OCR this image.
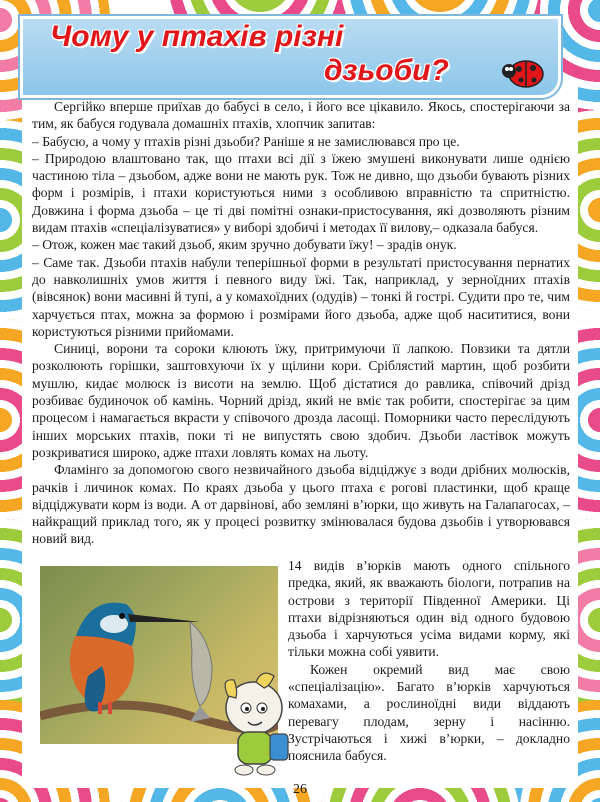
Чому у птахів різні
дзьоби?

Сергійко вперше приїхав до бабусі в село, і його все цікавило. Якось, спостерігаючи за тим, як бабуся годувала домашніх птахів, хлопчик запитав:

– Бабусю, а чому у птахів різні дзьоби? Раніше я не замислювався про це.

– Природою влаштовано так, що птахи всі дії з їжею змушені виконувати лише однією частиною тіла – дзьобом, адже вони не мають рук. Тож не дивно, що дзьоби бувають різних форм і розмірів, і птахи користуються ними з особливою вправністю та спритністю. Довжина і форма дзьоба – це ті дві помітні ознаки-пристосування, які дозволяють різним видам птахів «спеціалізуватися» у виборі здобичі і методах її вилову,– одказала бабуся.

– Отож, кожен має такий дзьоб, яким зручно добувати їжу! – зрадів онук.

– Саме так. Дзьоби птахів набули теперішньої форми в результаті пристосування пернатих до навколишніх умов життя і певного виду їжі. Так, наприклад, у зерноїдних птахів (вівсянок) вони масивні й тупі, а у комахоїдних (одудів) – тонкі й гострі. Судити про те, чим харчується птах, можна за формою і розмірами його дзьоба, адже щоб насититися, вони користуються різними прийомами.

Синиці, ворони та сороки клюють їжу, притримуючи її лапкою. Повзики та дятли розколюють горішки, заштовхуючи їх у щілини кори. Сріблястий мартин, щоб розбити мушлю, кидає молюск із висоти на землю. Щоб дістатися до равлика, співочий дрізд розбиває будиночок об камінь. Чорний дрізд, який не вміє так робити, спостерігає за цим процесом і намагається вкрасти у співочого дрозда ласощі. Поморники часто переслідують інших морських птахів, поки ті не випустять свою здобич. Дзьоби ластівок можуть розкриватися широко, адже птахи ловлять комах на льоту.

Фламінго за допомогою свого незвичайного дзьоба відціджує з води дрібних молюсків, рачків і личинок комах. По краях дзьоба у цього птаха є рогові пластинки, щоб краще відціджувати корм із води. А от дарвінові, або земляні в’юрки, що живуть на Галапагосах, – найкращий приклад того, як у процесі розвитку змінювалася будова дзьобів і утворювався новий вид.

14 видів в’юрків мають одного спільного предка, який, як вважають біологи, потрапив на острови з території Південної Америки. Ці птахи відрізняються один від одного будовою дзьоба і харчуються усіма видами корму, які тільки можна собі уявити.

Кожен окремий вид має свою «спеціалізацію». Багато в’юрків харчуються комахами, а рослиноїдні види віддають перевагу плодам, зерну і насінню. Зустрічаються і хижі в’юрки, – докладно пояснила бабуся.

26
